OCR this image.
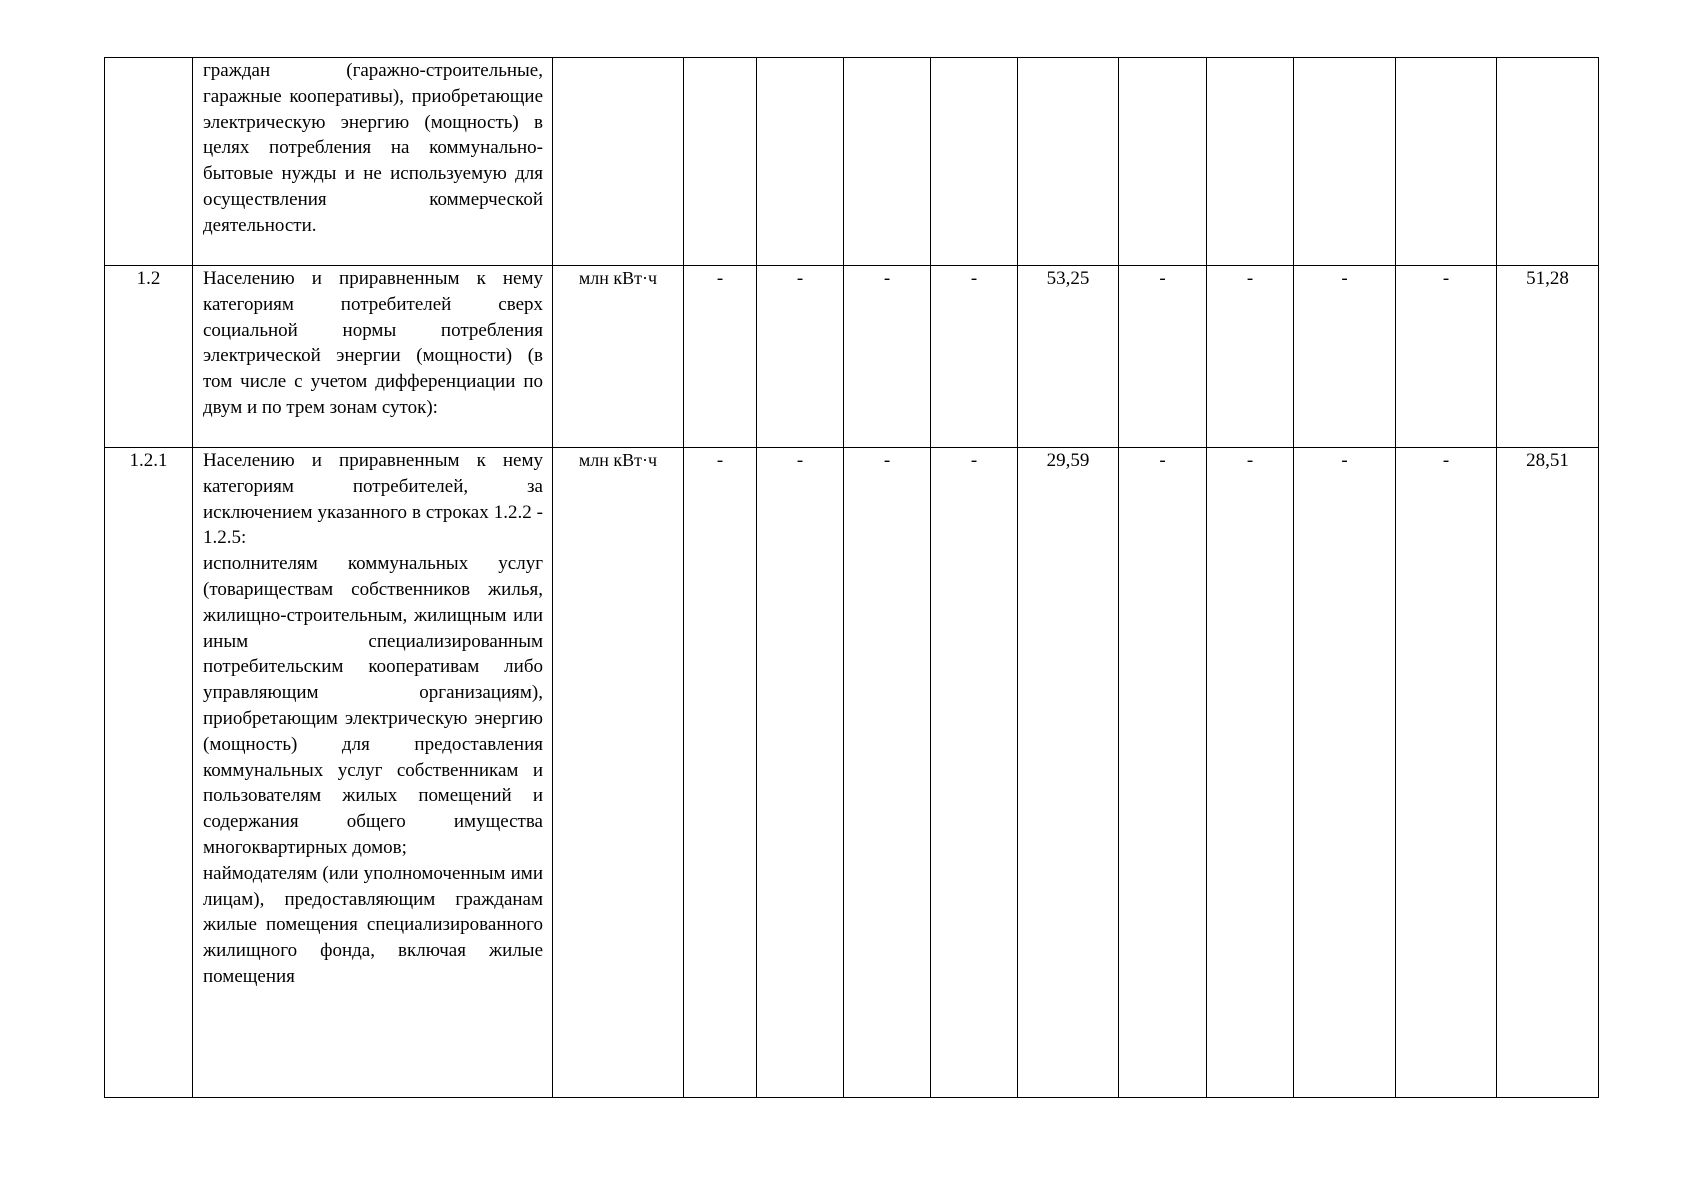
	граждан (гаражно-строительные, гаражные кооперативы), приобретающие электрическую энергию (мощность) в целях потребления на коммунально-бытовые нужды и не используемую для осуществления коммерческой деятельности.											

1.2	Населению и приравненным к нему категориям потребителей сверх социальной нормы потребления электрической энергии (мощности) (в том числе с учетом дифференциации по двум и по трем зонам суток):	млн кВт·ч	-	-	-	-	53,25	-	-	-	-	51,28
1.2.1	Населению и приравненным к нему категориям потребителей, за исключением указанного в строках 1.2.2 - 1.2.5:

исполнителям коммунальных услуг (товариществам собственников жилья, жилищно-строительным, жилищным или иным специализированным потребительским кооперативам либо управляющим организациям), приобретающим электрическую энергию (мощность) для предоставления коммунальных услуг собственникам и пользователям жилых помещений и содержания общего имущества многоквартирных домов;

наймодателям (или уполномоченным ими лицам), предоставляющим гражданам жилые помещения специализированного жилищного фонда, включая жилые помещения	млн кВт·ч	-	-	-	-	29,59	-	-	-	-	28,51
